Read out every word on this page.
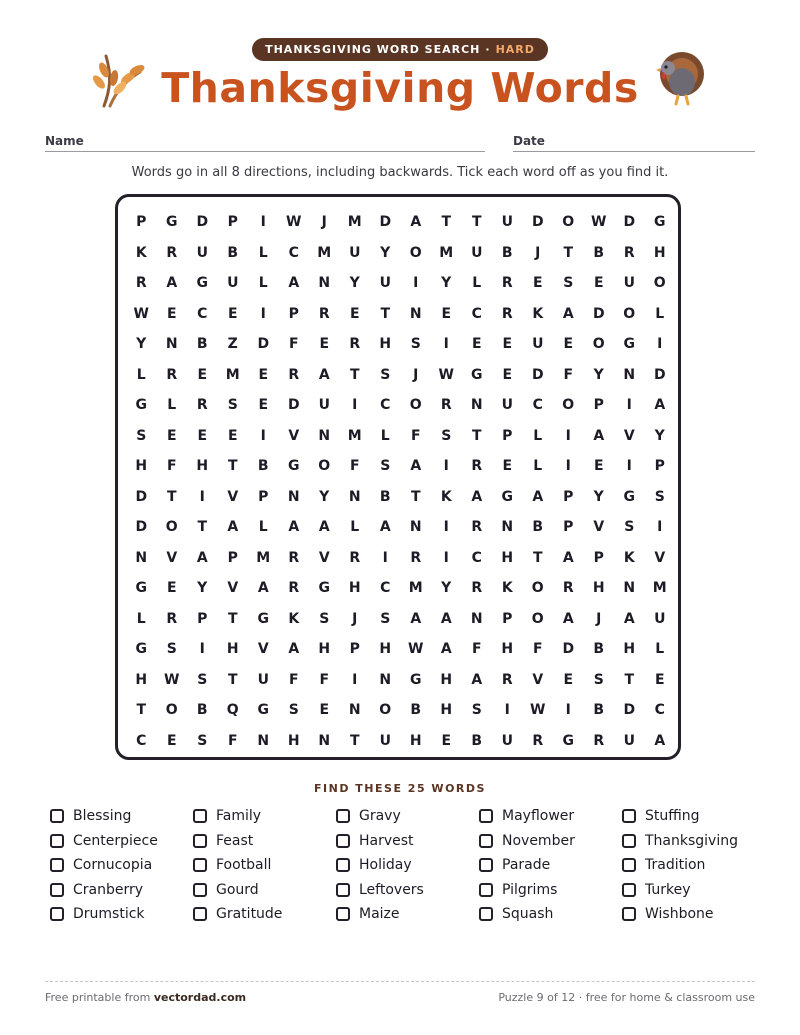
THANKSGIVING WORD SEARCH · HARD
Thanksgiving Words
Name	Date
Words go in all 8 directions, including backwards. Tick each word off as you find it.
P	G	D	P	I	W	J	M	D	A	T	T	U	D	O	W	D	G
K	R	U	B	L	C	M	U	Y	O	M	U	B	J	T	B	R	H
R	A	G	U	L	A	N	Y	U	I	Y	L	R	E	S	E	U	O
W	E	C	E	I	P	R	E	T	N	E	C	R	K	A	D	O	L
Y	N	B	Z	D	F	E	R	H	S	I	E	E	U	E	O	G	I
L	R	E	M	E	R	A	T	S	J	W	G	E	D	F	Y	N	D
G	L	R	S	E	D	U	I	C	O	R	N	U	C	O	P	I	A
S	E	E	E	I	V	N	M	L	F	S	T	P	L	I	A	V	Y
H	F	H	T	B	G	O	F	S	A	I	R	E	L	I	E	I	P
D	T	I	V	P	N	Y	N	B	T	K	A	G	A	P	Y	G	S
D	O	T	A	L	A	A	L	A	N	I	R	N	B	P	V	S	I
N	V	A	P	M	R	V	R	I	R	I	C	H	T	A	P	K	V
G	E	Y	V	A	R	G	H	C	M	Y	R	K	O	R	H	N	M
L	R	P	T	G	K	S	J	S	A	A	N	P	O	A	J	A	U
G	S	I	H	V	A	H	P	H	W	A	F	H	F	D	B	H	L
H	W	S	T	U	F	F	I	N	G	H	A	R	V	E	S	T	E
T	O	B	Q	G	S	E	N	O	B	H	S	I	W	I	B	D	C
C	E	S	F	N	H	N	T	U	H	E	B	U	R	G	R	U	A
FIND THESE 25 WORDS
Blessing	Family	Gravy	Mayflower	Stuffing
Centerpiece	Feast	Harvest	November	Thanksgiving
Cornucopia	Football	Holiday	Parade	Tradition
Cranberry	Gourd	Leftovers	Pilgrims	Turkey
Drumstick	Gratitude	Maize	Squash	Wishbone
Free printable from vectordad.com	Puzzle 9 of 12 · free for home & classroom use
